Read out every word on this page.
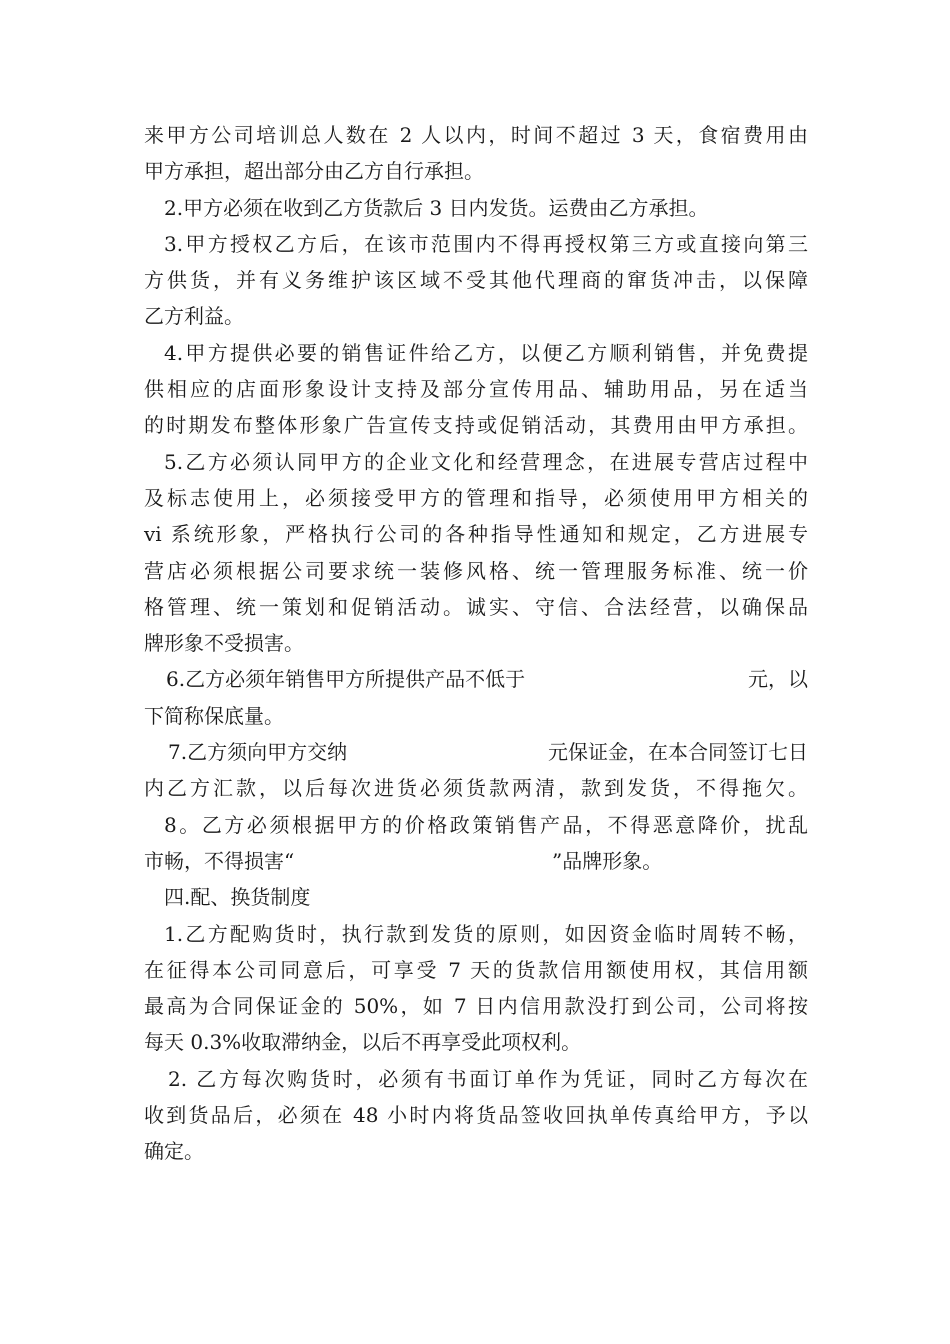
来甲方公司培训总人数在 2 人以内，时间不超过 3 天，食宿费用由
甲方承担，超出部分由乙方自行承担。
2.甲方必须在收到乙方货款后 3 日内发货。运费由乙方承担。
3.甲方授权乙方后，在该市范围内不得再授权第三方或直接向第三
方供货，并有义务维护该区域不受其他代理商的窜货冲击，以保障
乙方利益。
4.甲方提供必要的销售证件给乙方，以便乙方顺利销售，并免费提
供相应的店面形象设计支持及部分宣传用品、辅助用品，另在适当
的时期发布整体形象广告宣传支持或促销活动，其费用由甲方承担。
5.乙方必须认同甲方的企业文化和经营理念，在进展专营店过程中
及标志使用上，必须接受甲方的管理和指导，必须使用甲方相关的
vi 系统形象，严格执行公司的各种指导性通知和规定，乙方进展专
营店必须根据公司要求统一装修风格、统一管理服务标准、统一价
格管理、统一策划和促销活动。诚实、守信、合法经营，以确保品
牌形象不受损害。
6.乙方必须年销售甲方所提供产品不低于	元，以
下简称保底量。
7.乙方须向甲方交纳	元保证金，在本合同签订七日
内乙方汇款，以后每次进货必须货款两清，款到发货，不得拖欠。
8。乙方必须根据甲方的价格政策销售产品，不得恶意降价，扰乱
市畅，不得损害“	”品牌形象。
四.配、换货制度
1.乙方配购货时，执行款到发货的原则，如因资金临时周转不畅，
在征得本公司同意后，可享受 7 天的货款信用额使用权，其信用额
最高为合同保证金的 50%，如 7 日内信用款没打到公司，公司将按
每天 0.3%收取滞纳金，以后不再享受此项权利。
2. 乙方每次购货时，必须有书面订单作为凭证，同时乙方每次在
收到货品后，必须在 48 小时内将货品签收回执单传真给甲方，予以
确定。
